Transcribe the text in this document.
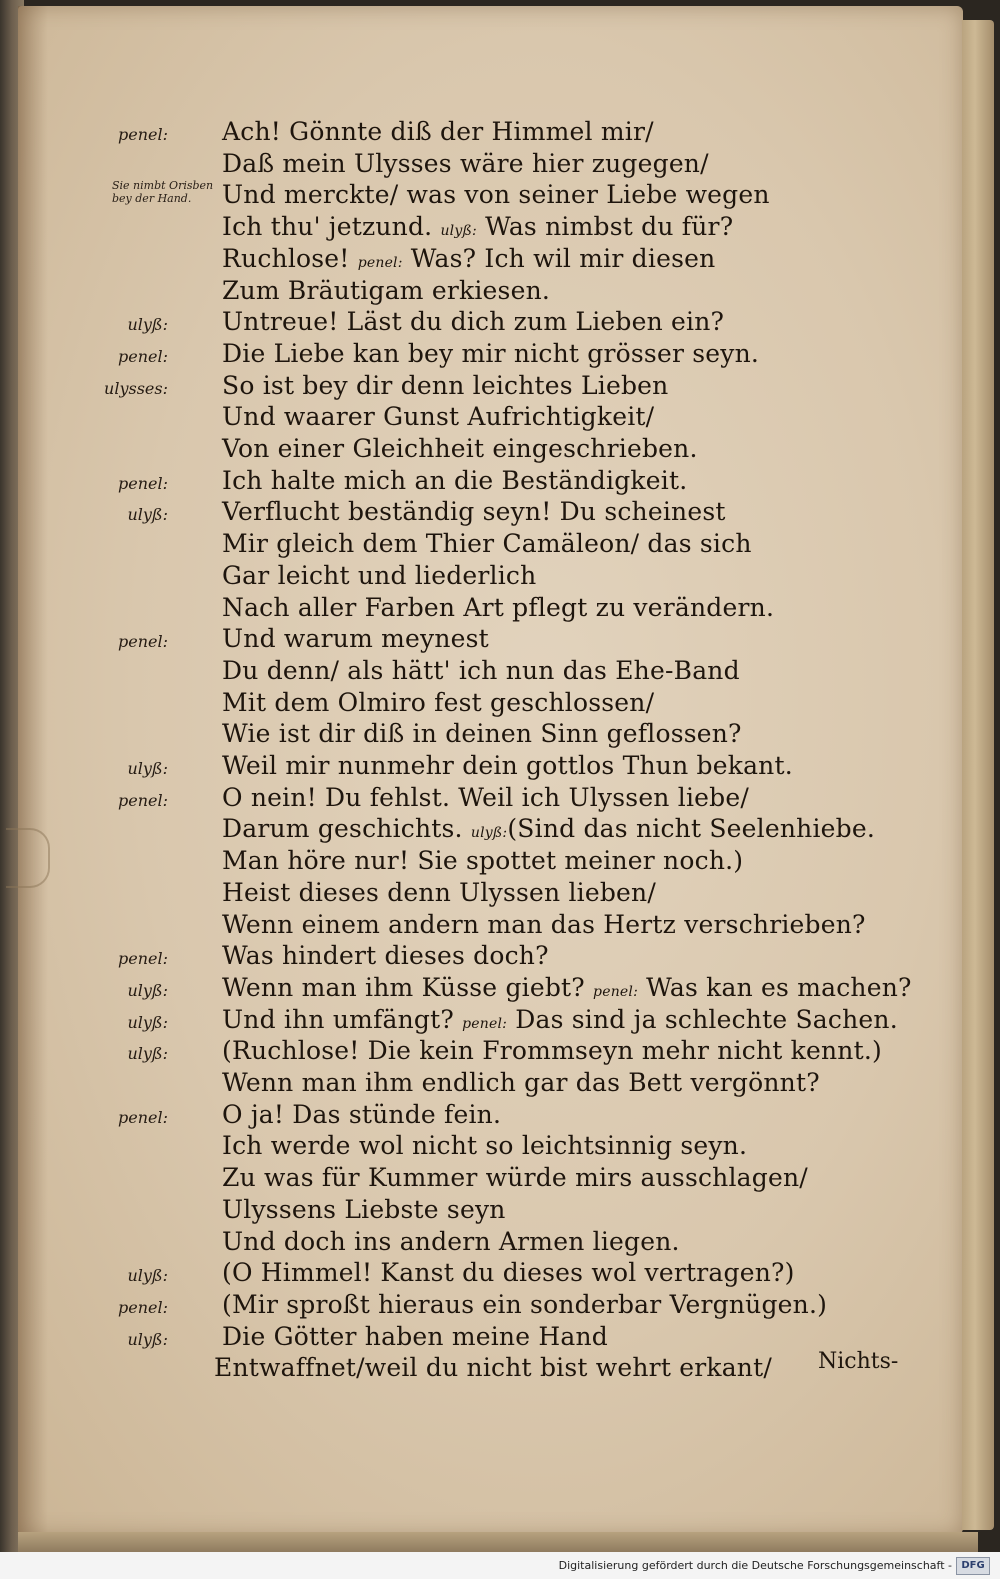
Sie nimbt Orisben bey der Hand.
penel: Ach! Gönnte diß der Himmel mir/
Daß mein Ulysses wäre hier zugegen/
Und merckte/ was von seiner Liebe wegen
Ich thu' jetzund. ulyß: Was nimbst du für?
Ruchlose! penel: Was? Ich wil mir diesen
Zum Bräutigam erkiesen.
ulyß: Untreue! Läst du dich zum Lieben ein?
penel: Die Liebe kan bey mir nicht grösser seyn.
ulysses: So ist bey dir denn leichtes Lieben
Und waarer Gunst Aufrichtigkeit/
Von einer Gleichheit eingeschrieben.
penel: Ich halte mich an die Beständigkeit.
ulyß: Verflucht beständig seyn! Du scheinest
Mir gleich dem Thier Camäleon/ das sich
Gar leicht und liederlich
Nach aller Farben Art pflegt zu verändern.
penel: Und warum meynest
Du denn/ als hätt' ich nun das Ehe-Band
Mit dem Olmiro fest geschlossen/
Wie ist dir diß in deinen Sinn geflossen?
ulyß: Weil mir nunmehr dein gottlos Thun bekant.
penel: O nein! Du fehlst. Weil ich Ulyssen liebe/
Darum geschichts. ulyß:(Sind das nicht Seelenhiebe.
Man höre nur! Sie spottet meiner noch.)
Heist dieses denn Ulyssen lieben/
Wenn einem andern man das Hertz verschrieben?
penel: Was hindert dieses doch?
ulyß: Wenn man ihm Küsse giebt? penel: Was kan es machen?
ulyß: Und ihn umfängt? penel: Das sind ja schlechte Sachen.
ulyß: (Ruchlose! Die kein Frommseyn mehr nicht kennt.)
Wenn man ihm endlich gar das Bett vergönnt?
penel: O ja! Das stünde fein.
Ich werde wol nicht so leichtsinnig seyn.
Zu was für Kummer würde mirs ausschlagen/
Ulyssens Liebste seyn
Und doch ins andern Armen liegen.
ulyß: (O Himmel! Kanst du dieses wol vertragen?)
penel: (Mir sproßt hieraus ein sonderbar Vergnügen.)
ulyß: Die Götter haben meine Hand
Entwaffnet/weil du nicht bist wehrt erkant/ Nichts-
Digitalisierung gefördert durch die Deutsche Forschungsgemeinschaft - DFG
